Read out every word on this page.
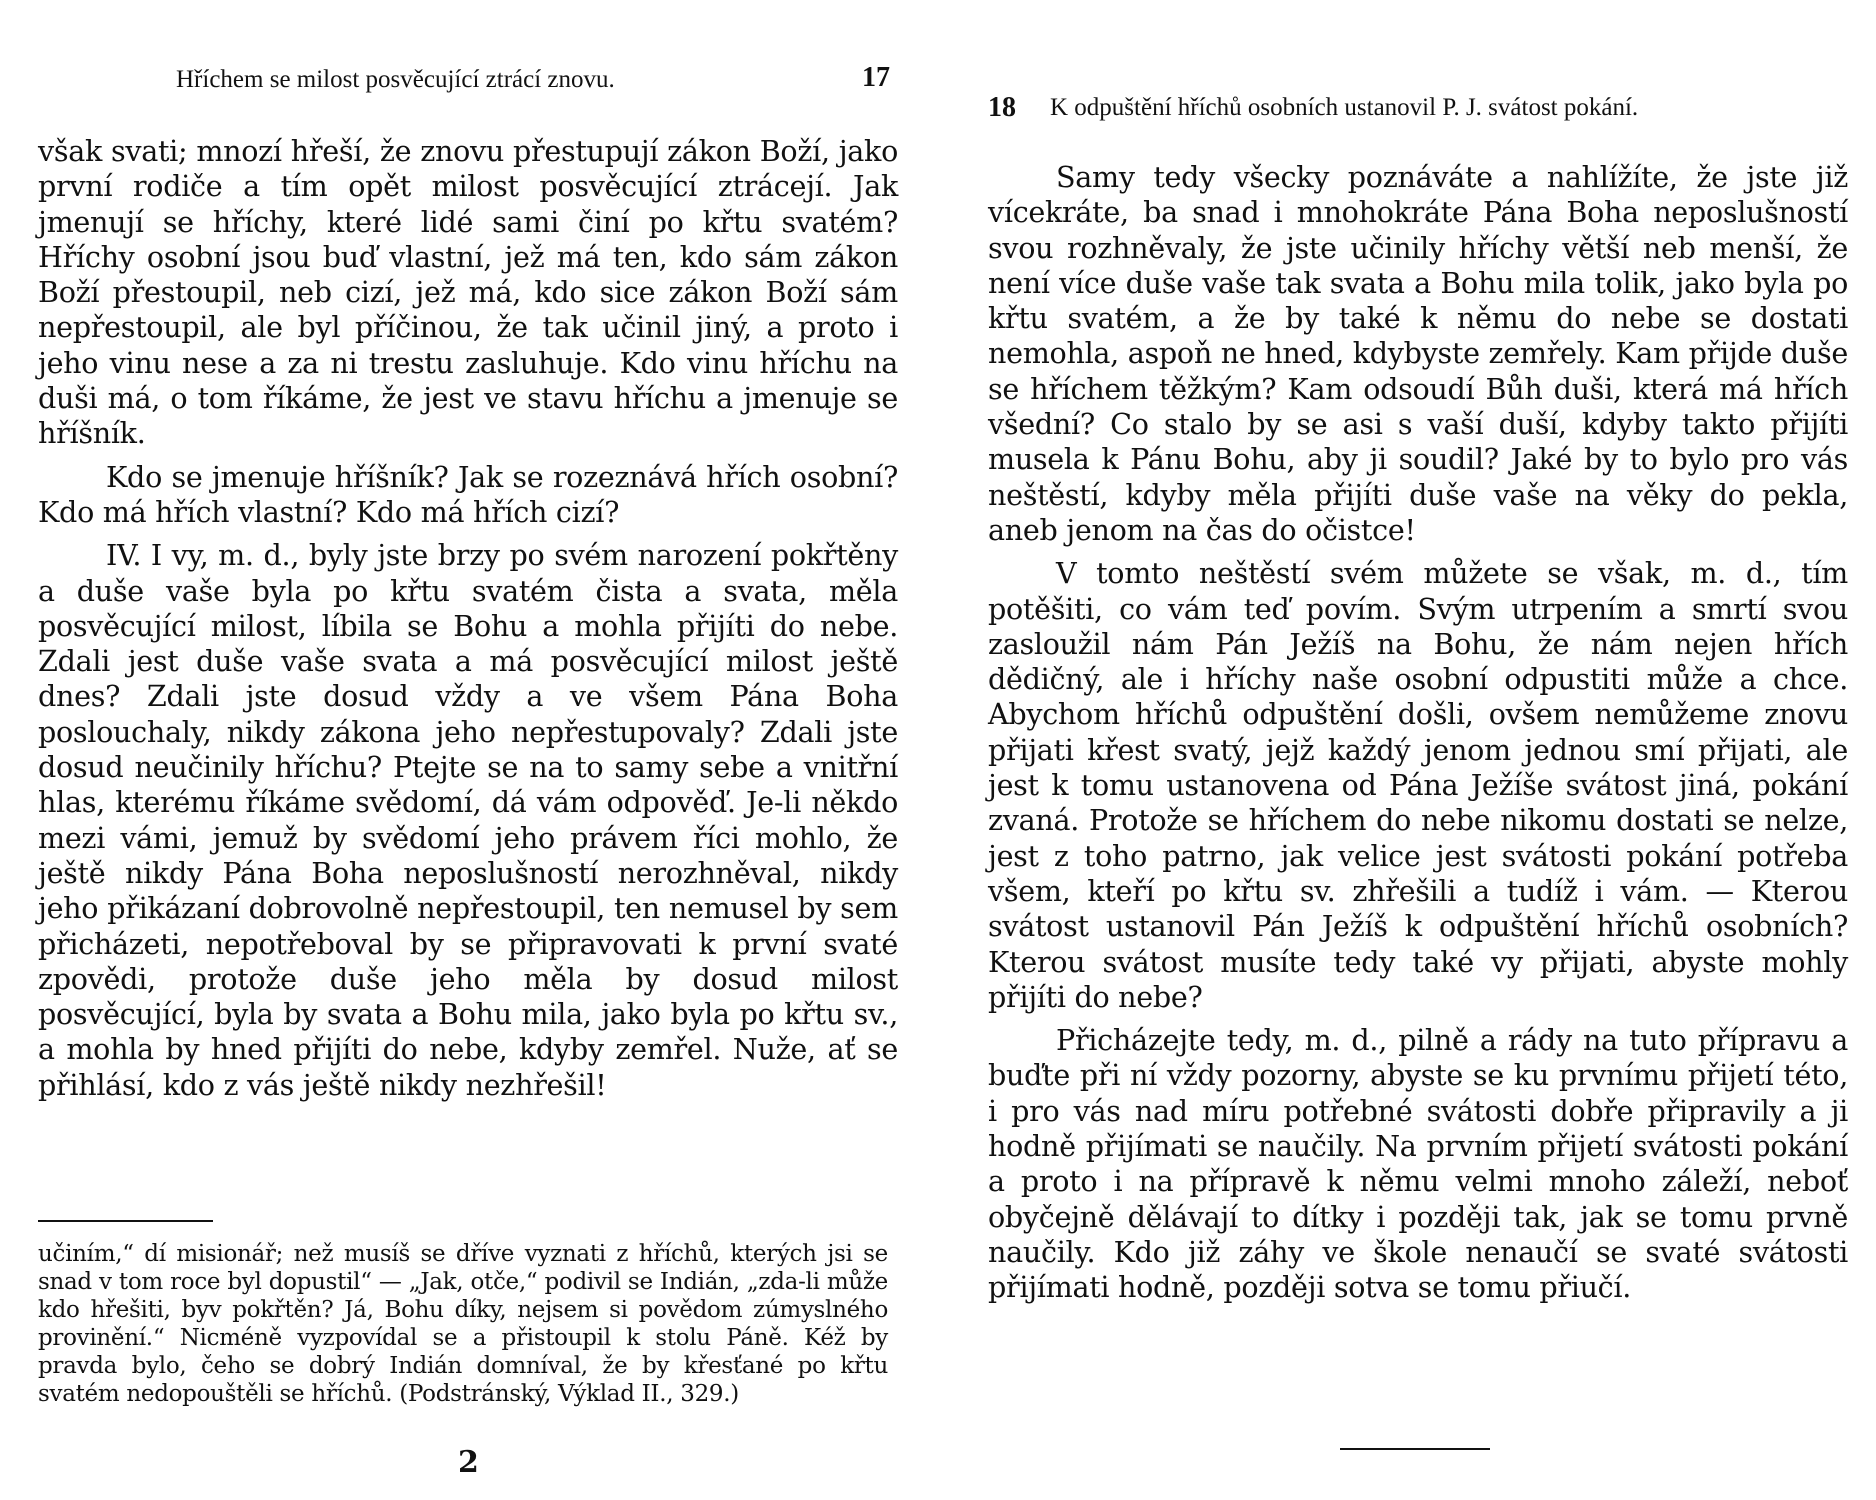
Hříchem se milost posvěcující ztrácí znovu.	17

však svati; mnozí hřeší, že znovu přestupují zákon Boží, jako první rodiče a tím opět milost posvěcující ztrácejí. Jak jmenují se hříchy, které lidé sami činí po křtu svatém? Hříchy osobní jsou buď vlastní, jež má ten, kdo sám zákon Boží přestoupil, neb cizí, jež má, kdo sice zákon Boží sám nepřestoupil, ale byl příčinou, že tak učinil jiný, a proto i jeho vinu nese a za ni trestu zasluhuje. Kdo vinu hříchu na duši má, o tom říkáme, že jest ve stavu hříchu a jmenuje se hříšník.

Kdo se jmenuje hříšník? Jak se rozeznává hřích osobní? Kdo má hřích vlastní? Kdo má hřích cizí?

IV. I vy, m. d., byly jste brzy po svém narození pokřtěny a duše vaše byla po křtu svatém čista a svata, měla posvěcující milost, líbila se Bohu a mohla přijíti do nebe. Zdali jest duše vaše svata a má posvěcující milost ještě dnes? Zdali jste dosud vždy a ve všem Pána Boha poslouchaly, nikdy zákona jeho nepřestupovaly? Zdali jste dosud neučinily hříchu? Ptejte se na to samy sebe a vnitřní hlas, kterému říkáme svědomí, dá vám odpověď. Je-li někdo mezi vámi, jemuž by svědomí jeho právem říci mohlo, že ještě nikdy Pána Boha neposlušností nerozhněval, nikdy jeho přikázaní dobrovolně nepřestoupil, ten nemusel by sem přicházeti, nepotřeboval by se připravovati k první svaté zpovědi, protože duše jeho měla by dosud milost posvěcující, byla by svata a Bohu mila, jako byla po křtu sv., a mohla by hned přijíti do nebe, kdyby zemřel. Nuže, ať se přihlásí, kdo z vás ještě nikdy nezhřešil!

učiním,“ dí misionář; než musíš se dříve vyznati z hříchů, kterých jsi se snad v tom roce byl dopustil“ — „Jak, otče,“ podivil se Indián, „zda-li může kdo hřešiti, byv pokřtěn? Já, Bohu díky, nejsem si povědom zúmyslného provinění.“ Nicméně vyzpovídal se a přistoupil k stolu Páně. Kéž by pravda bylo, čeho se dobrý Indián domníval, že by křesťané po křtu svatém nedopouštěli se hříchů. (Podstránský, Výklad II., 329.)
2
18 K odpuštění hříchů osobních ustanovil P. J. svátost pokání.

Samy tedy všecky poznáváte a nahlížíte, že jste již vícekráte, ba snad i mnohokráte Pána Boha neposlušností svou rozhněvaly, že jste učinily hříchy větší neb menší, že není více duše vaše tak svata a Bohu mila tolik, jako byla po křtu svatém, a že by také k němu do nebe se dostati nemohla, aspoň ne hned, kdybyste zemřely. Kam přijde duše se hříchem těžkým? Kam odsoudí Bůh duši, která má hřích všední? Co stalo by se asi s vaší duší, kdyby takto přijíti musela k Pánu Bohu, aby ji soudil? Jaké by to bylo pro vás neštěstí, kdyby měla přijíti duše vaše na věky do pekla, aneb jenom na čas do očistce!

V tomto neštěstí svém můžete se však, m. d., tím potěšiti, co vám teď povím. Svým utrpením a smrtí svou zasloužil nám Pán Ježíš na Bohu, že nám nejen hřích dědičný, ale i hříchy naše osobní odpustiti může a chce. Abychom hříchů odpuštění došli, ovšem nemůžeme znovu přijati křest svatý, jejž každý jenom jednou smí přijati, ale jest k tomu ustanovena od Pána Ježíše svátost jiná, pokání zvaná. Protože se hříchem do nebe nikomu dostati se nelze, jest z toho patrno, jak velice jest svátosti pokání potřeba všem, kteří po křtu sv. zhřešili a tudíž i vám. — Kterou svátost ustanovil Pán Ježíš k odpuštění hříchů osobních? Kterou svátost musíte tedy také vy přijati, abyste mohly přijíti do nebe?

Přicházejte tedy, m. d., pilně a rády na tuto přípravu a buďte při ní vždy pozorny, abyste se ku prvnímu přijetí této, i pro vás nad míru potřebné svátosti dobře připravily a ji hodně přijímati se naučily. Na prvním přijetí svátosti pokání a proto i na přípravě k němu velmi mnoho záleží, neboť obyčejně dělávají to dítky i později tak, jak se tomu prvně naučily. Kdo již záhy ve škole nenaučí se svaté svátosti přijímati hodně, později sotva se tomu přiučí.
